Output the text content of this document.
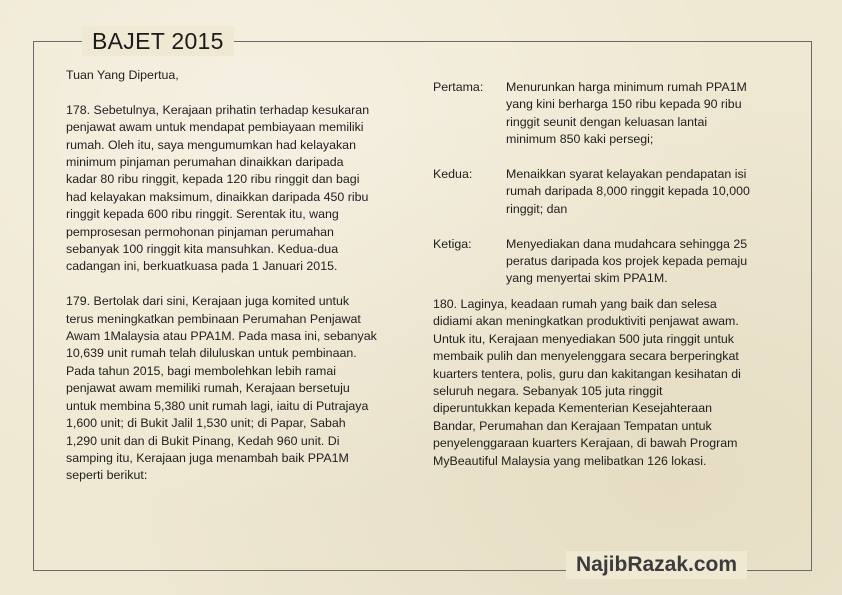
BAJET 2015
Tuan Yang Dipertua,
178. Sebetulnya, Kerajaan prihatin terhadap kesukaran
penjawat awam untuk mendapat pembiayaan memiliki
rumah. Oleh itu, saya mengumumkan had kelayakan
minimum pinjaman perumahan dinaikkan daripada
kadar 80 ribu ringgit, kepada 120 ribu ringgit dan bagi
had kelayakan maksimum, dinaikkan daripada 450 ribu
ringgit kepada 600 ribu ringgit. Serentak itu, wang
pemprosesan permohonan pinjaman perumahan
sebanyak 100 ringgit kita mansuhkan. Kedua-dua
cadangan ini, berkuatkuasa pada 1 Januari 2015.
179. Bertolak dari sini, Kerajaan juga komited untuk
terus meningkatkan pembinaan Perumahan Penjawat
Awam 1Malaysia atau PPA1M. Pada masa ini, sebanyak
10,639 unit rumah telah diluluskan untuk pembinaan.
Pada tahun 2015, bagi membolehkan lebih ramai
penjawat awam memiliki rumah, Kerajaan bersetuju
untuk membina 5,380 unit rumah lagi, iaitu di Putrajaya
1,600 unit; di Bukit Jalil 1,530 unit; di Papar, Sabah
1,290 unit dan di Bukit Pinang, Kedah 960 unit. Di
samping itu, Kerajaan juga menambah baik PPA1M
seperti berikut:
Pertama:	Menurunkan harga minimum rumah PPA1M
yang kini berharga 150 ribu kepada 90 ribu
ringgit seunit dengan keluasan lantai
minimum 850 kaki persegi;
Kedua:	Menaikkan syarat kelayakan pendapatan isi
rumah daripada 8,000 ringgit kepada 10,000
ringgit; dan
Ketiga:	Menyediakan dana mudahcara sehingga 25
peratus daripada kos projek kepada pemaju
yang menyertai skim PPA1M.
180. Laginya, keadaan rumah yang baik dan selesa
didiami akan meningkatkan produktiviti penjawat awam.
Untuk itu, Kerajaan menyediakan 500 juta ringgit untuk
membaik pulih dan menyelenggara secara berperingkat
kuarters tentera, polis, guru dan kakitangan kesihatan di
seluruh negara. Sebanyak 105 juta ringgit
diperuntukkan kepada Kementerian Kesejahteraan
Bandar, Perumahan dan Kerajaan Tempatan untuk
penyelenggaraan kuarters Kerajaan, di bawah Program
MyBeautiful Malaysia yang melibatkan 126 lokasi.
NajibRazak.com
